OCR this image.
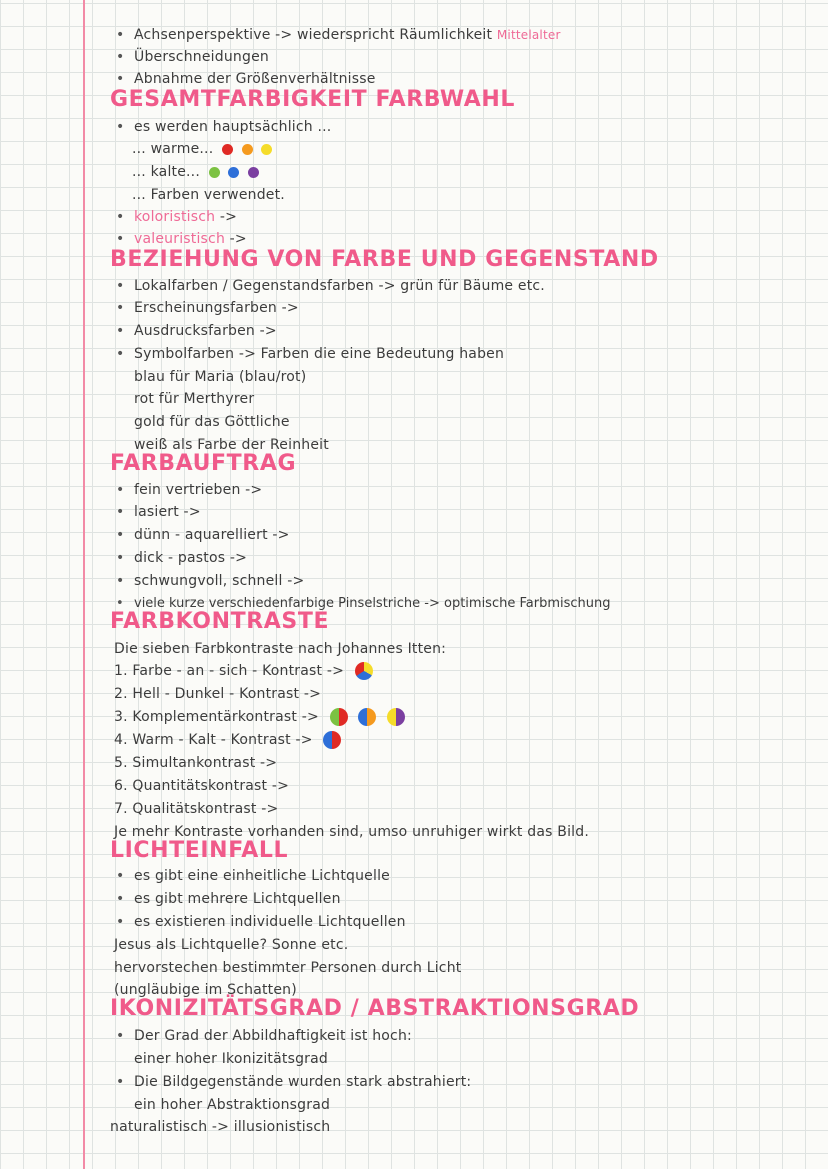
• Achsenperspektive -> wiederspricht Räumlichkeit Mittelalter
• Überschneidungen
• Abnahme der Größenverhältnisse
GESAMTFARBIGKEIT FARBWAHL
• es werden hauptsächlich ...
... warme...
... kalte...
... Farben verwendet.
• koloristisch ->
• valeuristisch ->
BEZIEHUNG VON FARBE UND GEGENSTAND
• Lokalfarben / Gegenstandsfarben -> grün für Bäume etc.
• Erscheinungsfarben ->
• Ausdrucksfarben ->
• Symbolfarben -> Farben die eine Bedeutung haben
blau für Maria (blau/rot)
rot für Merthyrer
gold für das Göttliche
weiß als Farbe der Reinheit
FARBAUFTRAG
• fein vertrieben ->
• lasiert ->
• dünn - aquarelliert ->
• dick - pastos ->
• schwungvoll, schnell ->
• viele kurze verschiedenfarbige Pinselstriche -> optimische Farbmischung
FARBKONTRASTE
Die sieben Farbkontraste nach Johannes Itten:
1. Farbe - an - sich - Kontrast ->
2. Hell - Dunkel - Kontrast ->
3. Komplementärkontrast ->
4. Warm - Kalt - Kontrast ->
5. Simultankontrast ->
6. Quantitätskontrast ->
7. Qualitätskontrast ->
Je mehr Kontraste vorhanden sind, umso unruhiger wirkt das Bild.
LICHTEINFALL
• es gibt eine einheitliche Lichtquelle
• es gibt mehrere Lichtquellen
• es existieren individuelle Lichtquellen
Jesus als Lichtquelle? Sonne etc.
hervorstechen bestimmter Personen durch Licht
(ungläubige im Schatten)
IKONIZITÄTSGRAD / ABSTRAKTIONSGRAD
• Der Grad der Abbildhaftigkeit ist hoch:
einer hoher Ikonizitätsgrad
• Die Bildgegenstände wurden stark abstrahiert:
ein hoher Abstraktionsgrad
naturalistisch -> illusionistisch
